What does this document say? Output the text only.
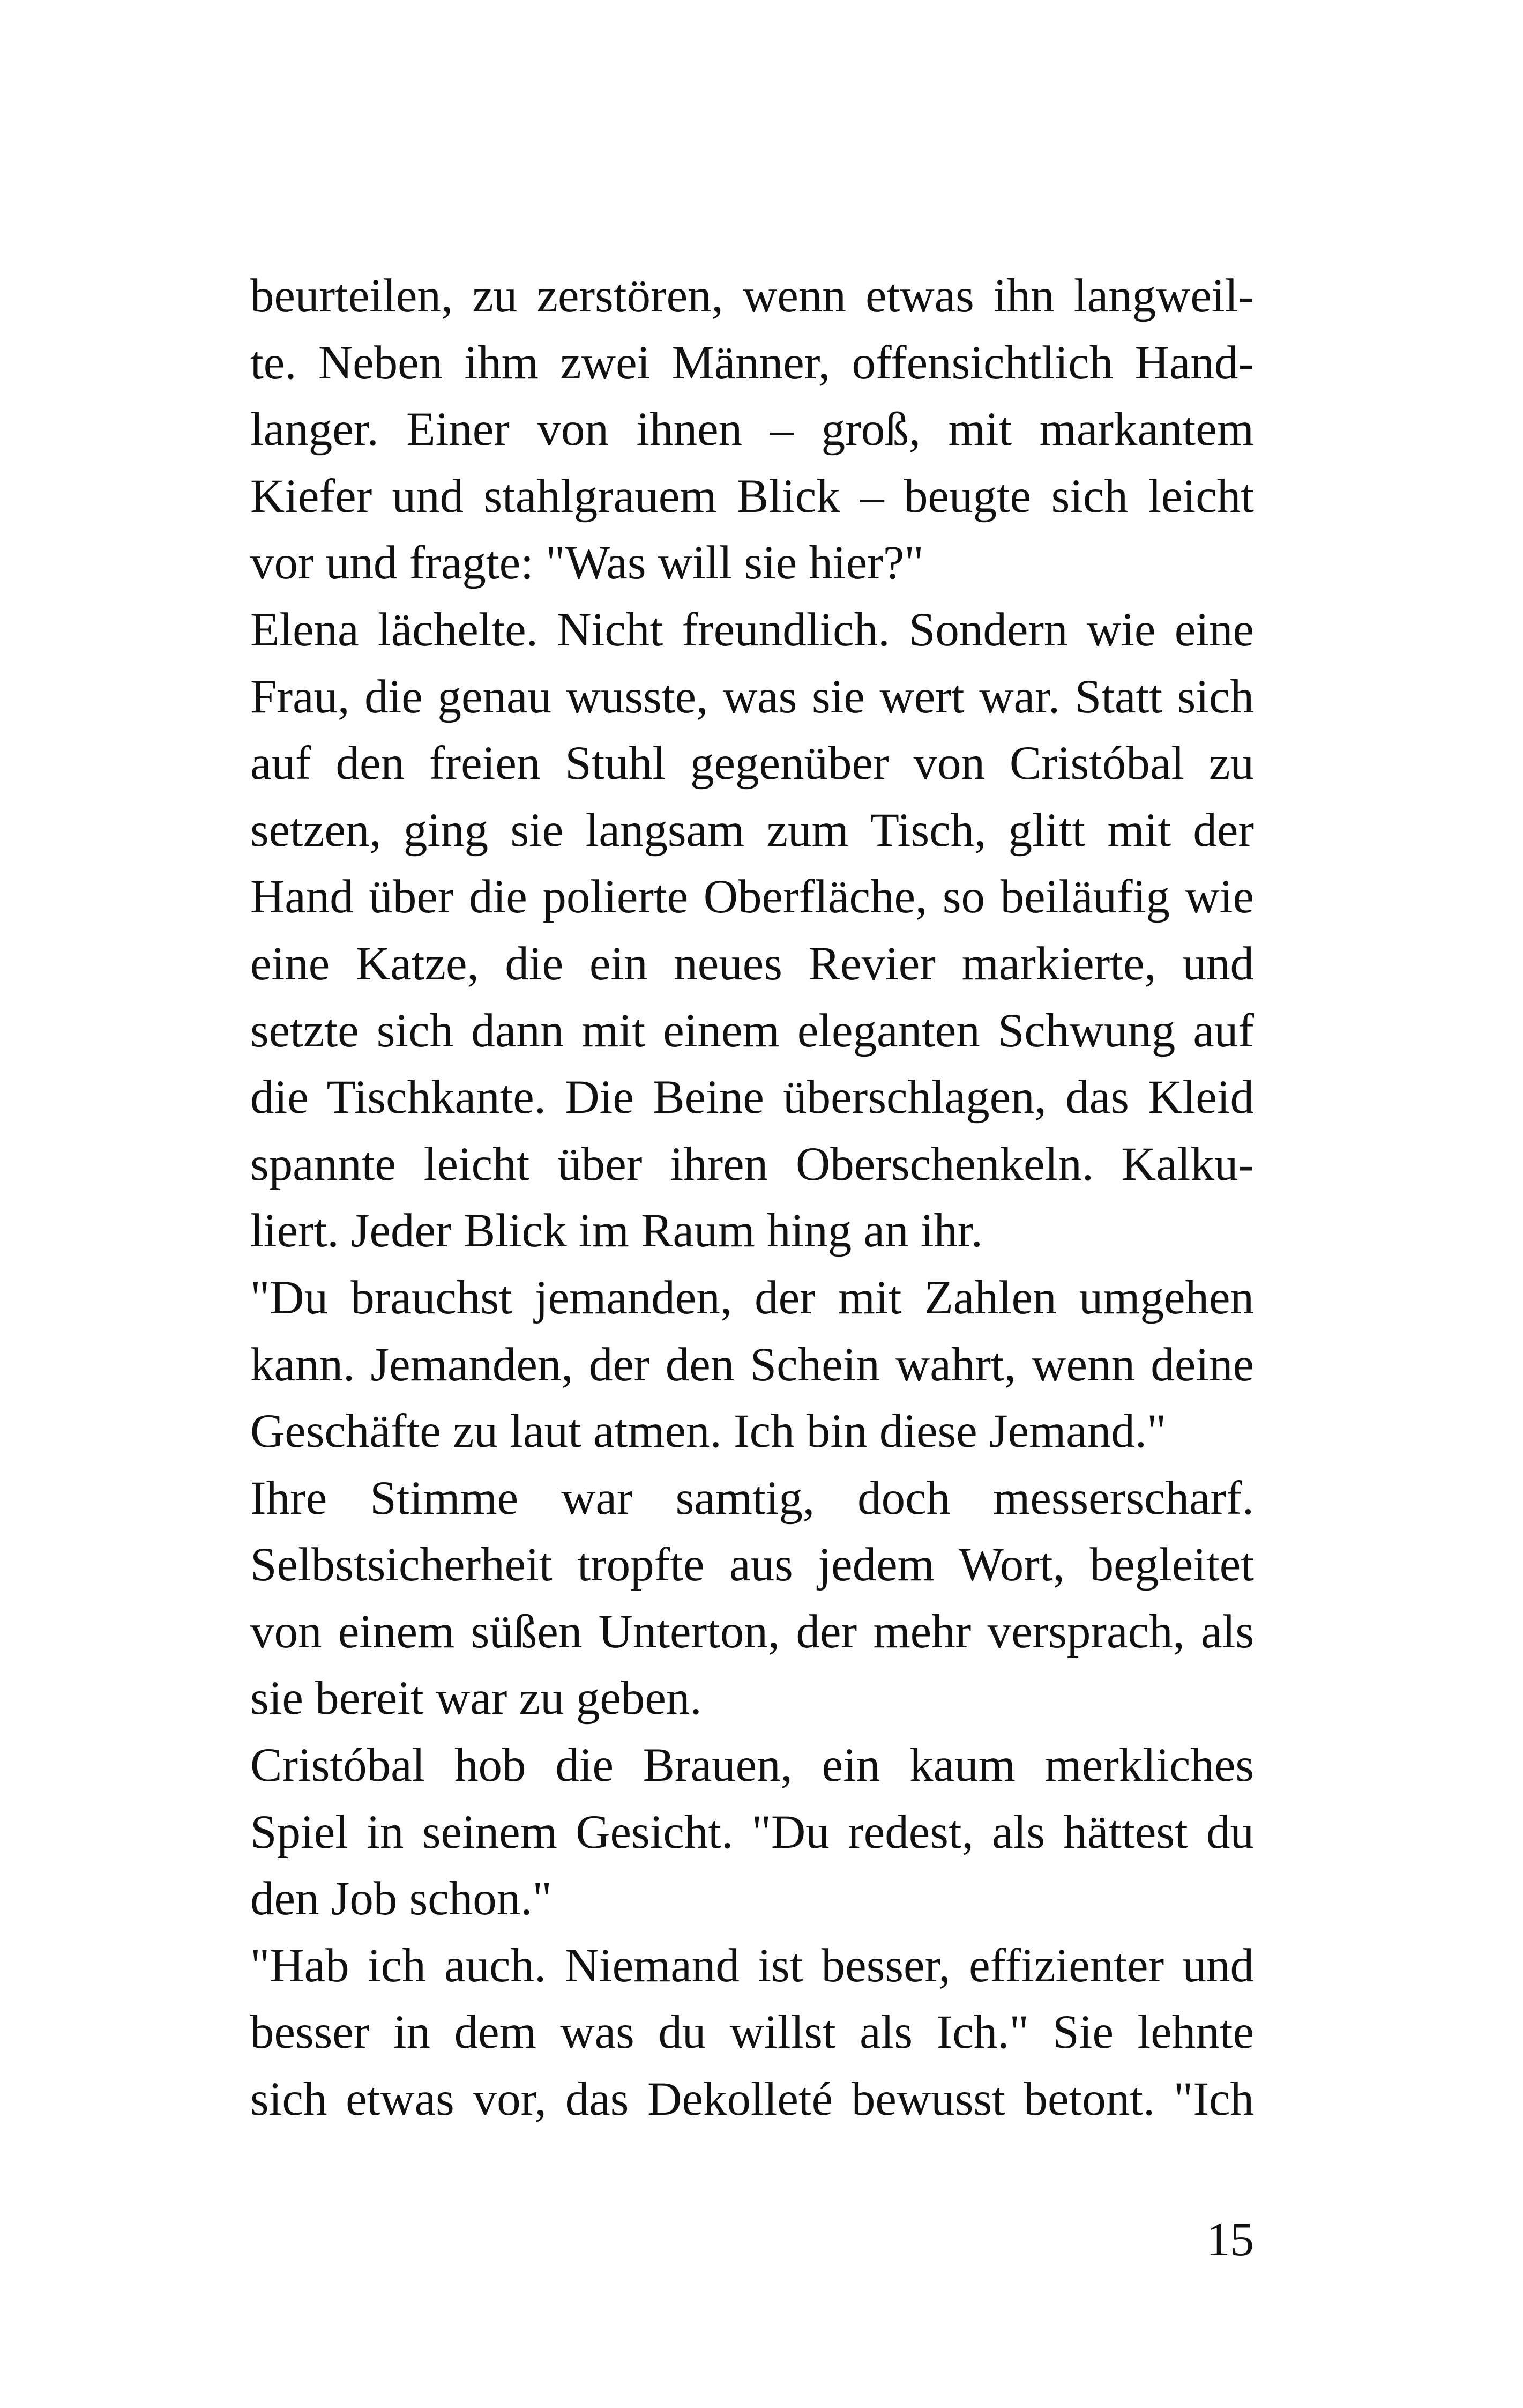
beurteilen, zu zerstören, wenn etwas ihn langweil-
te. Neben ihm zwei Männer, offensichtlich Hand-
langer. Einer von ihnen – groß, mit markantem
Kiefer und stahlgrauem Blick – beugte sich leicht
vor und fragte: "Was will sie hier?"
Elena lächelte. Nicht freundlich. Sondern wie eine
Frau, die genau wusste, was sie wert war. Statt sich
auf den freien Stuhl gegenüber von Cristóbal zu
setzen, ging sie langsam zum Tisch, glitt mit der
Hand über die polierte Oberfläche, so beiläufig wie
eine Katze, die ein neues Revier markierte, und
setzte sich dann mit einem eleganten Schwung auf
die Tischkante. Die Beine überschlagen, das Kleid
spannte leicht über ihren Oberschenkeln. Kalku-
liert. Jeder Blick im Raum hing an ihr.
"Du brauchst jemanden, der mit Zahlen umgehen
kann. Jemanden, der den Schein wahrt, wenn deine
Geschäfte zu laut atmen. Ich bin diese Jemand."
Ihre Stimme war samtig, doch messerscharf.
Selbstsicherheit tropfte aus jedem Wort, begleitet
von einem süßen Unterton, der mehr versprach, als
sie bereit war zu geben.
Cristóbal hob die Brauen, ein kaum merkliches
Spiel in seinem Gesicht. "Du redest, als hättest du
den Job schon."
"Hab ich auch. Niemand ist besser, effizienter und
besser in dem was du willst als Ich." Sie lehnte
sich etwas vor, das Dekolleté bewusst betont. "Ich
15
